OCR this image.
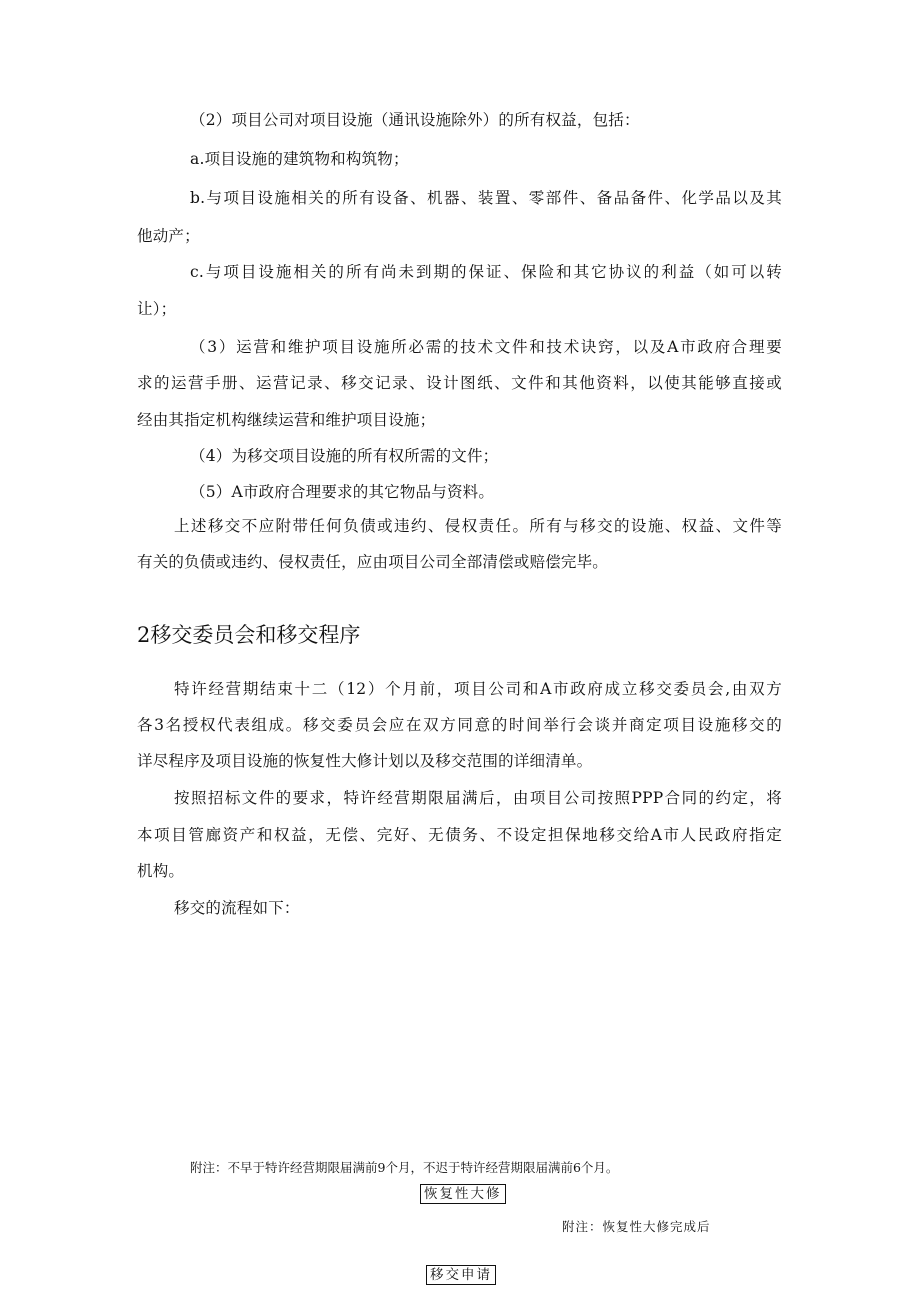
（2）项目公司对项目设施（通讯设施除外）的所有权益，包括：
a.项目设施的建筑物和构筑物；
b.与项目设施相关的所有设备、机器、装置、零部件、备品备件、化学品以及其
他动产；
c.与项目设施相关的所有尚未到期的保证、保险和其它协议的利益（如可以转
让）；
（3）运营和维护项目设施所必需的技术文件和技术诀窍，以及A市政府合理要
求的运营手册、运营记录、移交记录、设计图纸、文件和其他资料，以使其能够直接或
经由其指定机构继续运营和维护项目设施；
（4）为移交项目设施的所有权所需的文件；
（5）A市政府合理要求的其它物品与资料。
上述移交不应附带任何负债或违约、侵权责任。所有与移交的设施、权益、文件等
有关的负债或违约、侵权责任，应由项目公司全部清偿或赔偿完毕。
2移交委员会和移交程序
特许经营期结束十二（12）个月前，项目公司和A市政府成立移交委员会,由双方
各3名授权代表组成。移交委员会应在双方同意的时间举行会谈并商定项目设施移交的
详尽程序及项目设施的恢复性大修计划以及移交范围的详细清单。
按照招标文件的要求，特许经营期限届满后，由项目公司按照PPP合同的约定，将
本项目管廊资产和权益，无偿、完好、无债务、不设定担保地移交给A市人民政府指定
机构。
移交的流程如下：
附注：不早于特许经营期限届满前9个月，不迟于特许经营期限届满前6个月。
恢复性大修
附注：恢复性大修完成后
移交申请
